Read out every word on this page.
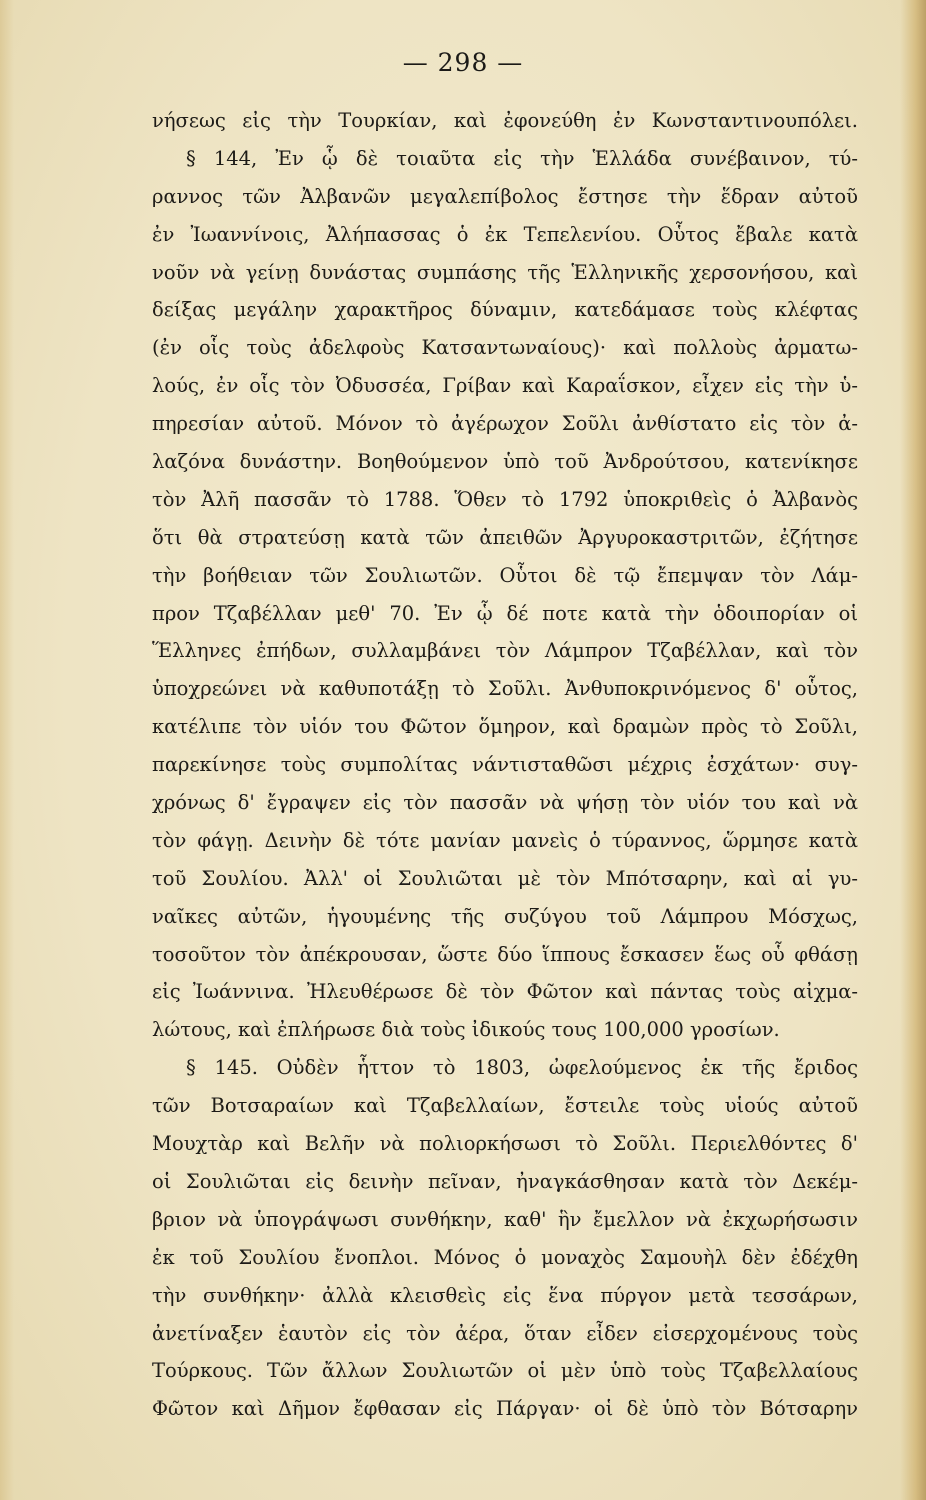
— 298 —
νήσεως εἰς τὴν Τουρκίαν, καὶ ἐφονεύθη ἐν Κωνσταντινουπόλει.
§ 144, Ἐν ᾧ δὲ τοιαῦτα εἰς τὴν Ἑλλάδα συνέβαινον, τύ-
ραννος τῶν Ἀλβανῶν μεγαλεπίβολος ἔστησε τὴν ἕδραν αὐτοῦ
ἐν Ἰωαννίνοις, Ἀλήπασσας ὁ ἐκ Τεπελενίου. Οὗτος ἔβαλε κατὰ
νοῦν νὰ γείνῃ δυνάστας συμπάσης τῆς Ἑλληνικῆς χερσονήσου, καὶ
δείξας μεγάλην χαρακτῆρος δύναμιν, κατεδάμασε τοὺς κλέφτας
(ἐν οἷς τοὺς ἀδελφοὺς Κατσαντωναίους)· καὶ πολλοὺς ἀρματω-
λούς, ἐν οἷς τὸν Ὀδυσσέα, Γρίβαν καὶ Καραΐσκον, εἶχεν εἰς τὴν ὑ-
πηρεσίαν αὐτοῦ. Μόνον τὸ ἀγέρωχον Σοῦλι ἀνθίστατο εἰς τὸν ἀ-
λαζόνα δυνάστην. Βοηθούμενον ὑπὸ τοῦ Ἀνδρούτσου, κατενίκησε
τὸν Ἀλῆ πασσᾶν τὸ 1788. Ὅθεν τὸ 1792 ὑποκριθεὶς ὁ Ἀλβανὸς
ὅτι θὰ στρατεύσῃ κατὰ τῶν ἀπειθῶν Ἀργυροκαστριτῶν, ἐζήτησε
τὴν βοήθειαν τῶν Σουλιωτῶν. Οὗτοι δὲ τῷ ἔπεμψαν τὸν Λάμ-
προν Τζαβέλλαν μεθ' 70. Ἐν ᾧ δέ ποτε κατὰ τὴν ὁδοιπορίαν οἱ
Ἕλληνες ἐπήδων, συλλαμβάνει τὸν Λάμπρον Τζαβέλλαν, καὶ τὸν
ὑποχρεώνει νὰ καθυποτάξῃ τὸ Σοῦλι. Ἀνθυποκρινόμενος δ' οὗτος,
κατέλιπε τὸν υἱόν του Φῶτον ὅμηρον, καὶ δραμὼν πρὸς τὸ Σοῦλι,
παρεκίνησε τοὺς συμπολίτας νάντισταθῶσι μέχρις ἐσχάτων· συγ-
χρόνως δ' ἔγραψεν εἰς τὸν πασσᾶν νὰ ψήσῃ τὸν υἱόν του καὶ νὰ
τὸν φάγῃ. Δεινὴν δὲ τότε μανίαν μανεὶς ὁ τύραννος, ὥρμησε κατὰ
τοῦ Σουλίου. Ἀλλ' οἱ Σουλιῶται μὲ τὸν Μπότσαρην, καὶ αἱ γυ-
ναῖκες αὐτῶν, ἡγουμένης τῆς συζύγου τοῦ Λάμπρου Μόσχως,
τοσοῦτον τὸν ἀπέκρουσαν, ὥστε δύο ἵππους ἔσκασεν ἕως οὗ φθάσῃ
εἰς Ἰωάννινα. Ἠλευθέρωσε δὲ τὸν Φῶτον καὶ πάντας τοὺς αἰχμα-
λώτους, καὶ ἐπλήρωσε διὰ τοὺς ἰδικούς τους 100,000 γροσίων.
§ 145. Οὐδὲν ἧττον τὸ 1803, ὠφελούμενος ἐκ τῆς ἔριδος
τῶν Βοτσαραίων καὶ Τζαβελλαίων, ἔστειλε τοὺς υἱούς αὐτοῦ
Μουχτὰρ καὶ Βελῆν νὰ πολιορκήσωσι τὸ Σοῦλι. Περιελθόντες δ'
οἱ Σουλιῶται εἰς δεινὴν πεῖναν, ἠναγκάσθησαν κατὰ τὸν Δεκέμ-
βριον νὰ ὑπογράψωσι συνθήκην, καθ' ἣν ἔμελλον νὰ ἐκχωρήσωσιν
ἐκ τοῦ Σουλίου ἔνοπλοι. Μόνος ὁ μοναχὸς Σαμουὴλ δὲν ἐδέχθη
τὴν συνθήκην· ἀλλὰ κλεισθεὶς εἰς ἕνα πύργον μετὰ τεσσάρων,
ἀνετίναξεν ἑαυτὸν εἰς τὸν ἀέρα, ὅταν εἶδεν εἰσερχομένους τοὺς
Τούρκους. Τῶν ἄλλων Σουλιωτῶν οἱ μὲν ὑπὸ τοὺς Τζαβελλαίους
Φῶτον καὶ Δῆμον ἔφθασαν εἰς Πάργαν· οἱ δὲ ὑπὸ τὸν Βότσαρην
